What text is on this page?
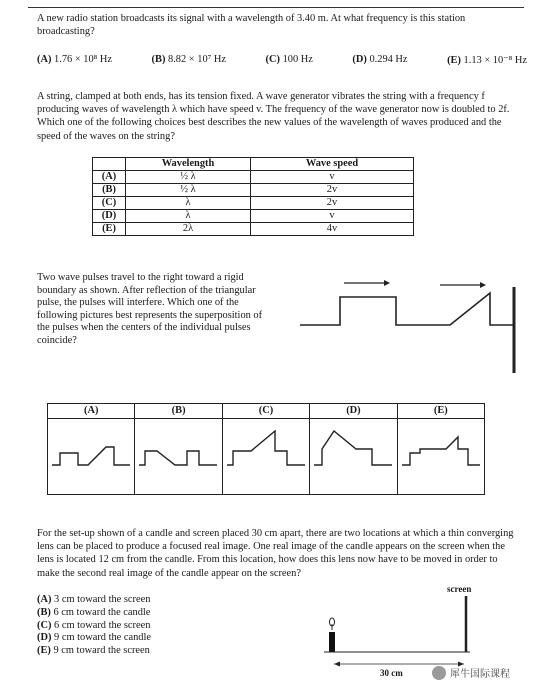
A new radio station broadcasts its signal with a wavelength of 3.40 m. At what frequency is this station broadcasting?
(A) 1.76 × 10⁸ Hz	(B) 8.82 × 10⁷ Hz	(C) 100 Hz	(D) 0.294 Hz	(E) 1.13 × 10⁻⁸ Hz
A string, clamped at both ends, has its tension fixed. A wave generator vibrates the string with a frequency f producing waves of wavelength λ which have speed v. The frequency of the wave generator now is doubled to 2f. Which one of the following choices best describes the new values of the wavelength of waves produced and the speed of the waves on the string?
	Wavelength	Wave speed
(A)	½ λ	v
(B)	½ λ	2v
(C)	λ	2v
(D)	λ	v
(E)	2λ	4v
Two wave pulses travel to the right toward a rigid boundary as shown. After reflection of the triangular pulse, the pulses will interfere. Which one of the following pictures best represents the superposition of the pulses when the centers of the individual pulses coincide?
(A)	(B)	(C)	(D)	(E)
For the set-up shown of a candle and screen placed 30 cm apart, there are two locations at which a thin converging lens can be placed to produce a focused real image. One real image of the candle appears on the screen when the lens is located 12 cm from the candle. From this location, how does this lens now have to be moved in order to make the second real image of the candle appear on the screen?
(A) 3 cm toward the screen
(B) 6 cm toward the candle
(C) 6 cm toward the screen
(D) 9 cm toward the candle
(E) 9 cm toward the screen
screen
30 cm	犀牛国际课程
